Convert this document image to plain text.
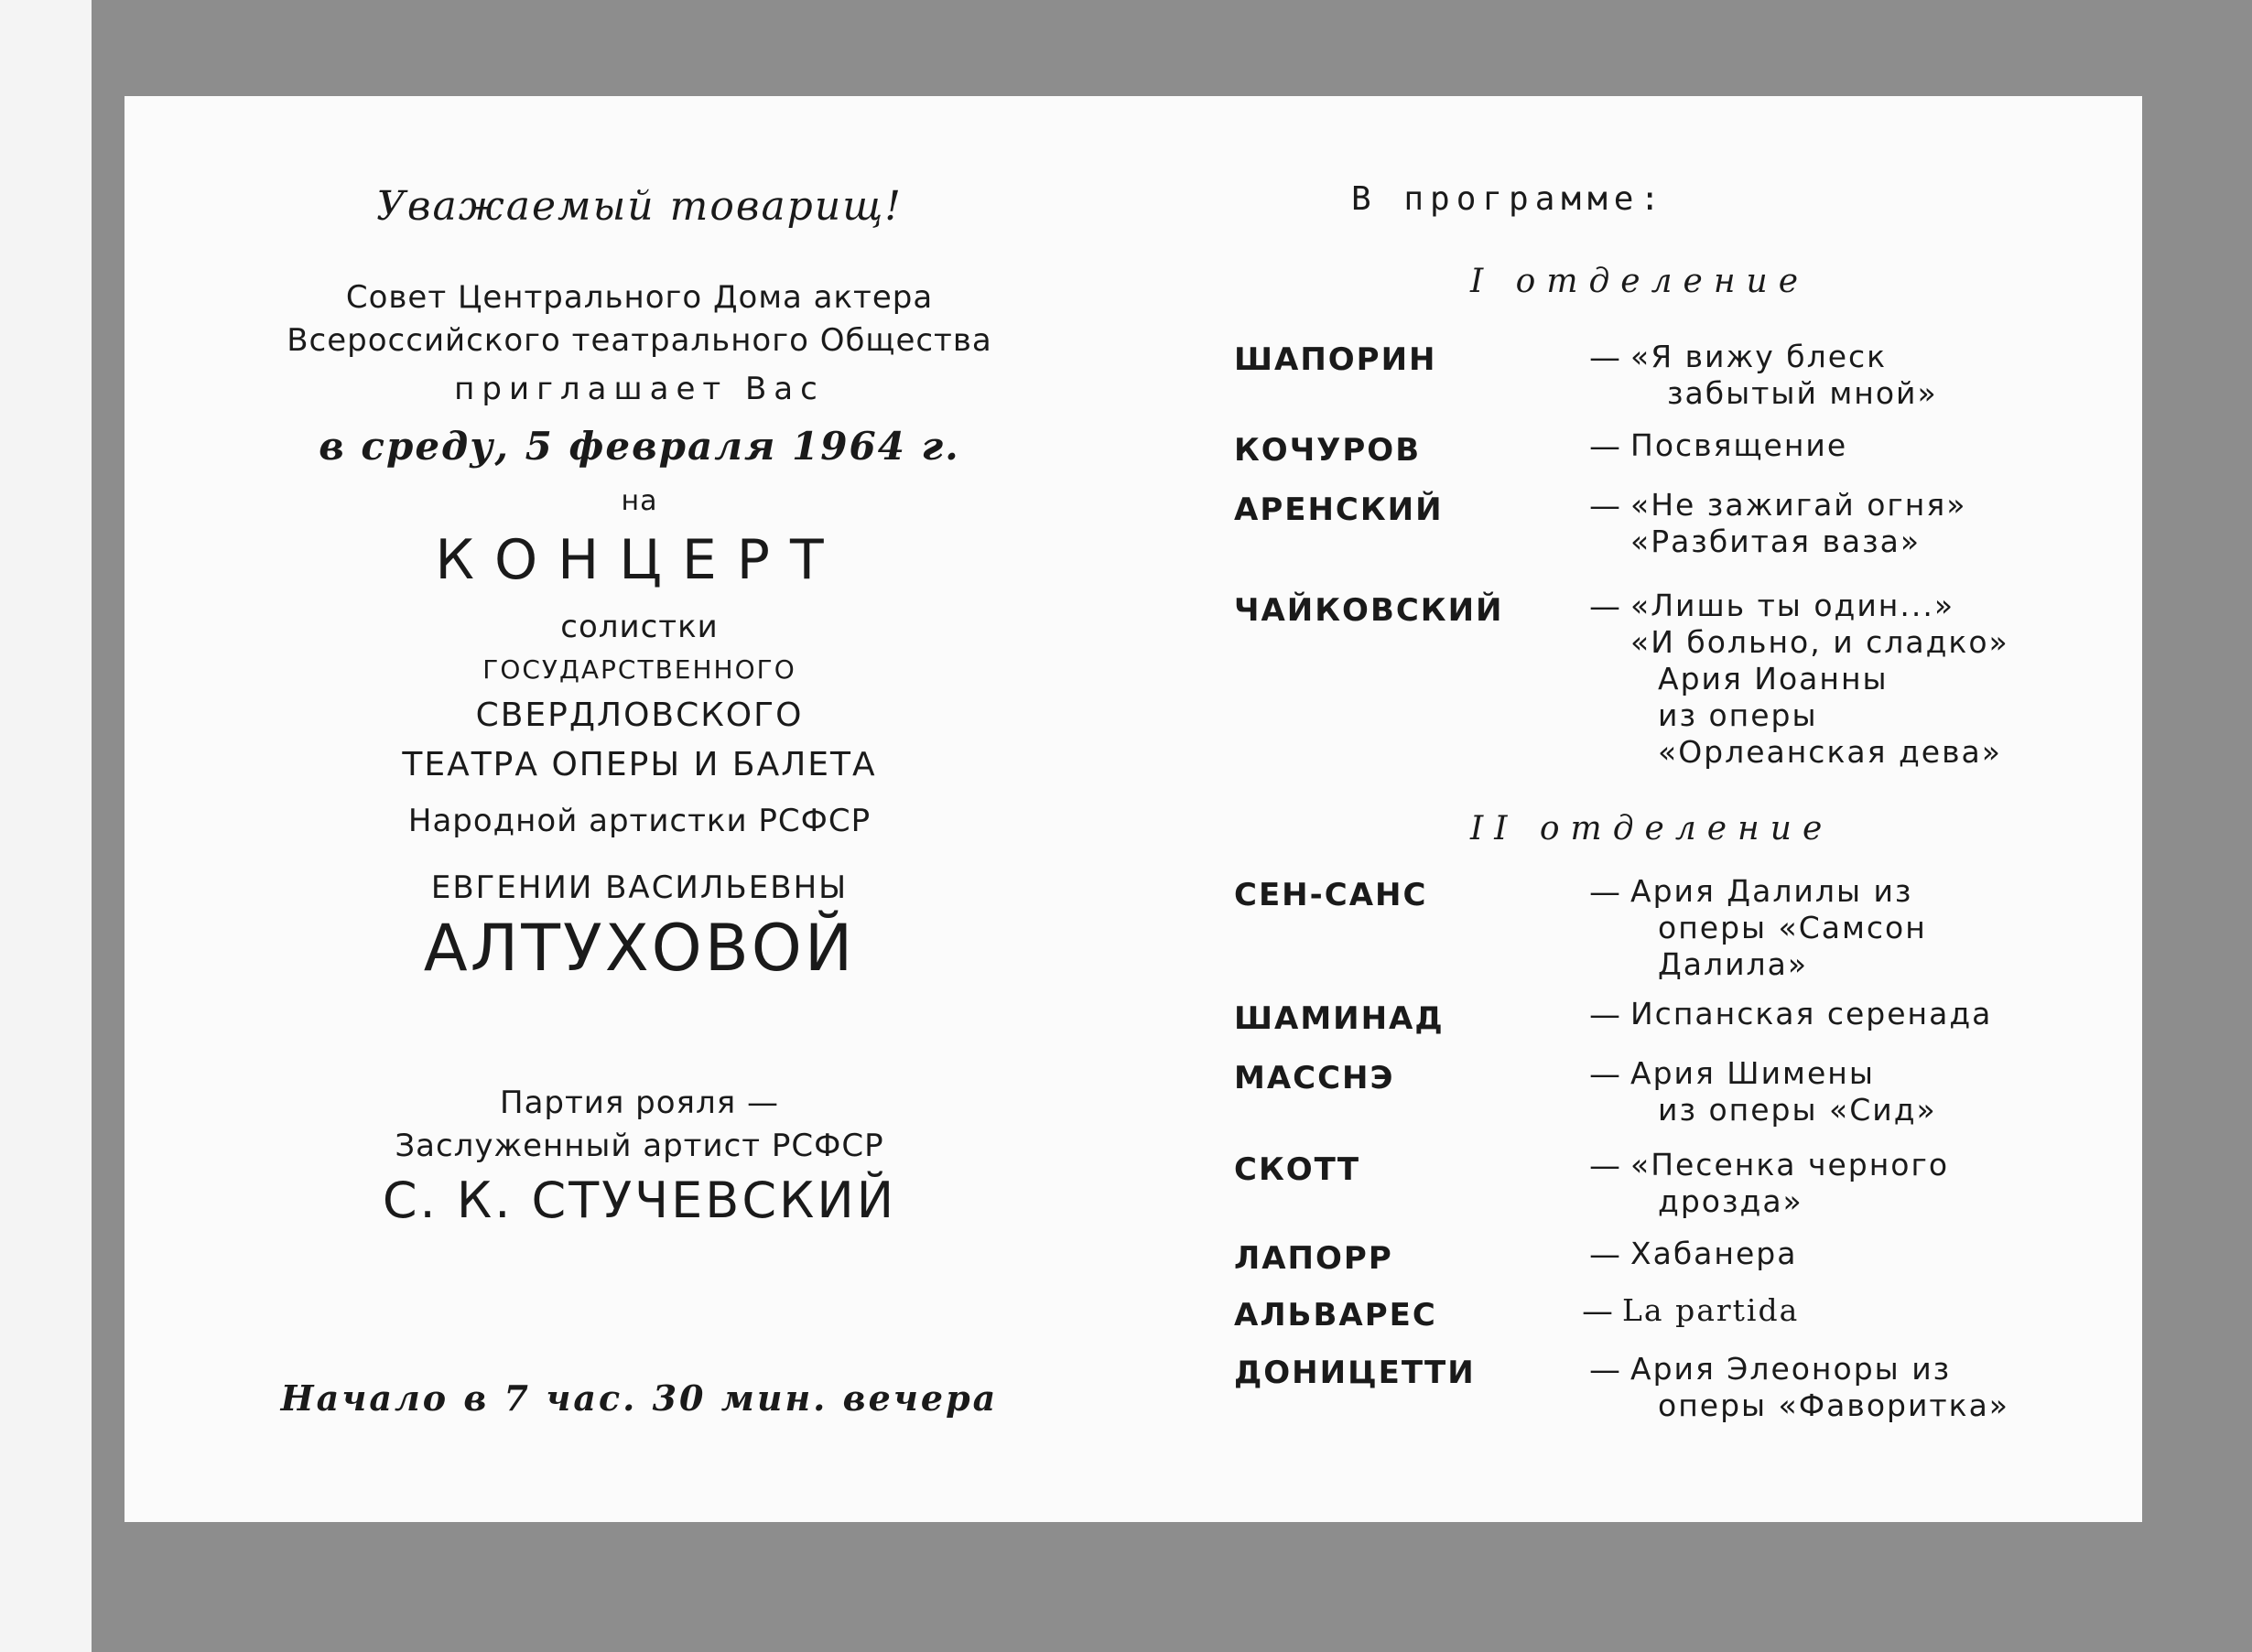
Уважаемый товарищ!
Совет Центрального Дома актера
Всероссийского театрального Общества
приглашает Вас
в среду, 5 февраля 1964 г.
на
КОНЦЕРТ
солистки
ГОСУДАРСТВЕННОГО
СВЕРДЛОВСКОГО
ТЕАТРА ОПЕРЫ И БАЛЕТА
Народной артистки РСФСР
ЕВГЕНИИ ВАСИЛЬЕВНЫ
АЛТУХОВОЙ
Партия рояля —
Заслуженный артист РСФСР
С. К. СТУЧЕВСКИЙ
Начало в 7 час. 30 мин. вечера
В программе:
I отделение
ШАПОРИН	— «Я вижу блеск
забытый мной»
КОЧУРОВ	— Посвящение
АРЕНСКИЙ	— «Не зажигай огня»
«Разбитая ваза»
ЧАЙКОВСКИЙ	— «Лишь ты один...»
«И больно, и сладко»
Ария Иоанны
из оперы
«Орлеанская дева»
II отделение
СЕН-САНС	— Ария Далилы из
оперы «Самсон
Далила»
ШАМИНАД	— Испанская серенада
МАССНЭ	— Ария Шимены
из оперы «Сид»
СКОТТ	— «Песенка черного
дрозда»
ЛАПОРР	— Хабанера
АЛЬВАРЕС	— La partida
ДОНИЦЕТТИ	— Ария Элеоноры из
оперы «Фаворитка»
